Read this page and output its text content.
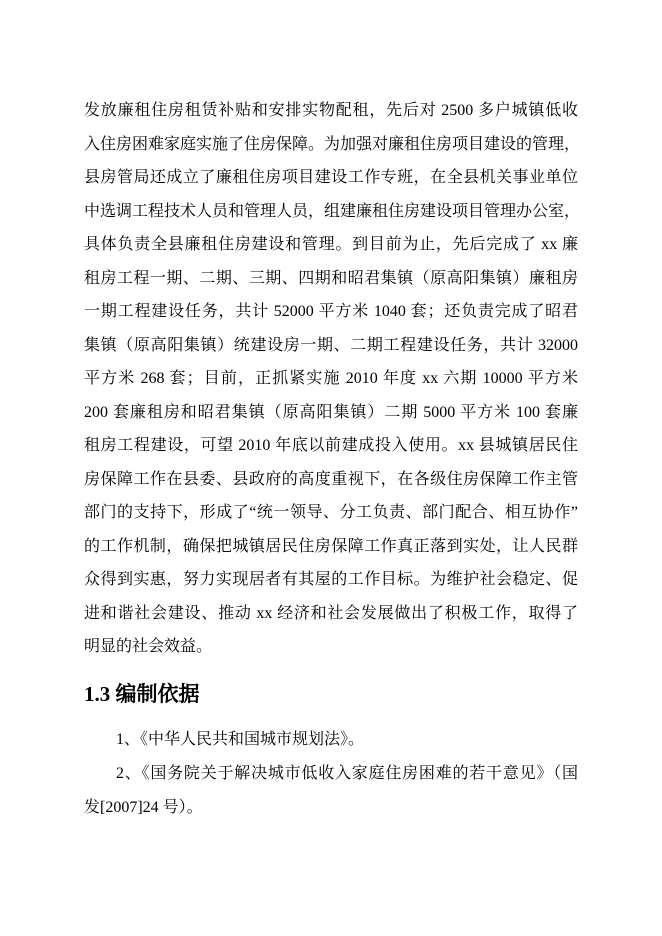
发放廉租住房租赁补贴和安排实物配租，先后对 2500 多户城镇低收
入住房困难家庭实施了住房保障。为加强对廉租住房项目建设的管理，
县房管局还成立了廉租住房项目建设工作专班，在全县机关事业单位
中选调工程技术人员和管理人员，组建廉租住房建设项目管理办公室，
具体负责全县廉租住房建设和管理。到目前为止，先后完成了 xx 廉
租房工程一期、二期、三期、四期和昭君集镇（原高阳集镇）廉租房
一期工程建设任务，共计 52000 平方米 1040 套；还负责完成了昭君
集镇（原高阳集镇）统建设房一期、二期工程建设任务，共计 32000
平方米 268 套；目前，正抓紧实施 2010 年度 xx 六期 10000 平方米
200 套廉租房和昭君集镇（原高阳集镇）二期 5000 平方米 100 套廉
租房工程建设，可望 2010 年底以前建成投入使用。xx 县城镇居民住
房保障工作在县委、县政府的高度重视下，在各级住房保障工作主管
部门的支持下，形成了“统一领导、分工负责、部门配合、相互协作”
的工作机制，确保把城镇居民住房保障工作真正落到实处，让人民群
众得到实惠，努力实现居者有其屋的工作目标。为维护社会稳定、促
进和谐社会建设、推动 xx 经济和社会发展做出了积极工作，取得了
明显的社会效益。
1.3 编制依据
1、《中华人民共和国城市规划法》。
2、《国务院关于解决城市低收入家庭住房困难的若干意见》（国
发[2007]24 号）。
